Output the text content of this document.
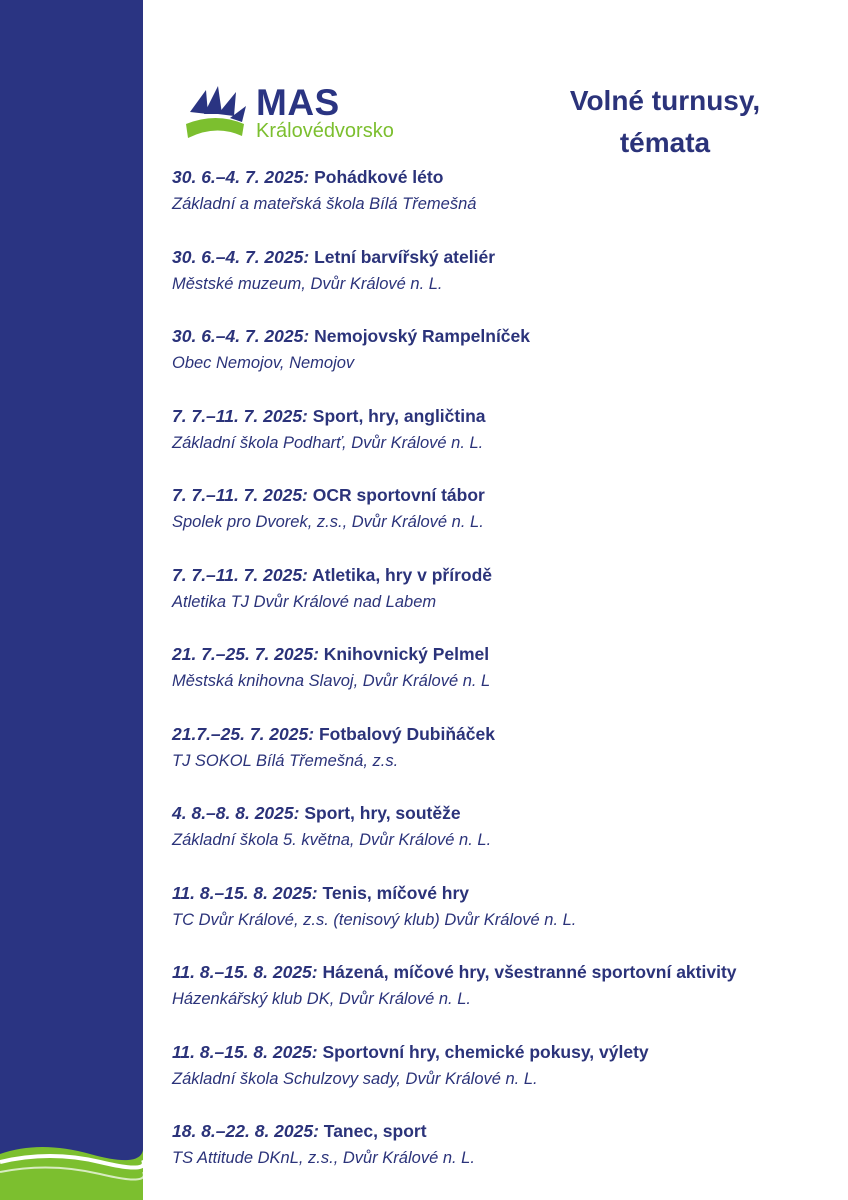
MAS
Královédvorsko
Volné turnusy,
témata
30. 6.–4. 7. 2025: Pohádkové léto
Základní a mateřská škola Bílá Třemešná
30. 6.–4. 7. 2025: Letní barvířský ateliér
Městské muzeum, Dvůr Králové n. L.
30. 6.–4. 7. 2025: Nemojovský Rampelníček
Obec Nemojov, Nemojov
7. 7.–11. 7. 2025: Sport, hry, angličtina
Základní škola Podharť, Dvůr Králové n. L.
7. 7.–11. 7. 2025: OCR sportovní tábor
Spolek pro Dvorek, z.s., Dvůr Králové n. L.
7. 7.–11. 7. 2025: Atletika, hry v přírodě
Atletika TJ Dvůr Králové nad Labem
21. 7.–25. 7. 2025: Knihovnický Pelmel
Městská knihovna Slavoj, Dvůr Králové n. L
21.7.–25. 7. 2025: Fotbalový Dubiňáček
TJ SOKOL Bílá Třemešná, z.s.
4. 8.–8. 8. 2025: Sport, hry, soutěže
Základní škola 5. května, Dvůr Králové n. L.
11. 8.–15. 8. 2025: Tenis, míčové hry
TC Dvůr Králové, z.s. (tenisový klub) Dvůr Králové n. L.
11. 8.–15. 8. 2025: Házená, míčové hry, všestranné sportovní aktivity
Házenkářský klub DK, Dvůr Králové n. L.
11. 8.–15. 8. 2025: Sportovní hry, chemické pokusy, výlety
Základní škola Schulzovy sady, Dvůr Králové n. L.
18. 8.–22. 8. 2025: Tanec, sport
TS Attitude DKnL, z.s., Dvůr Králové n. L.
